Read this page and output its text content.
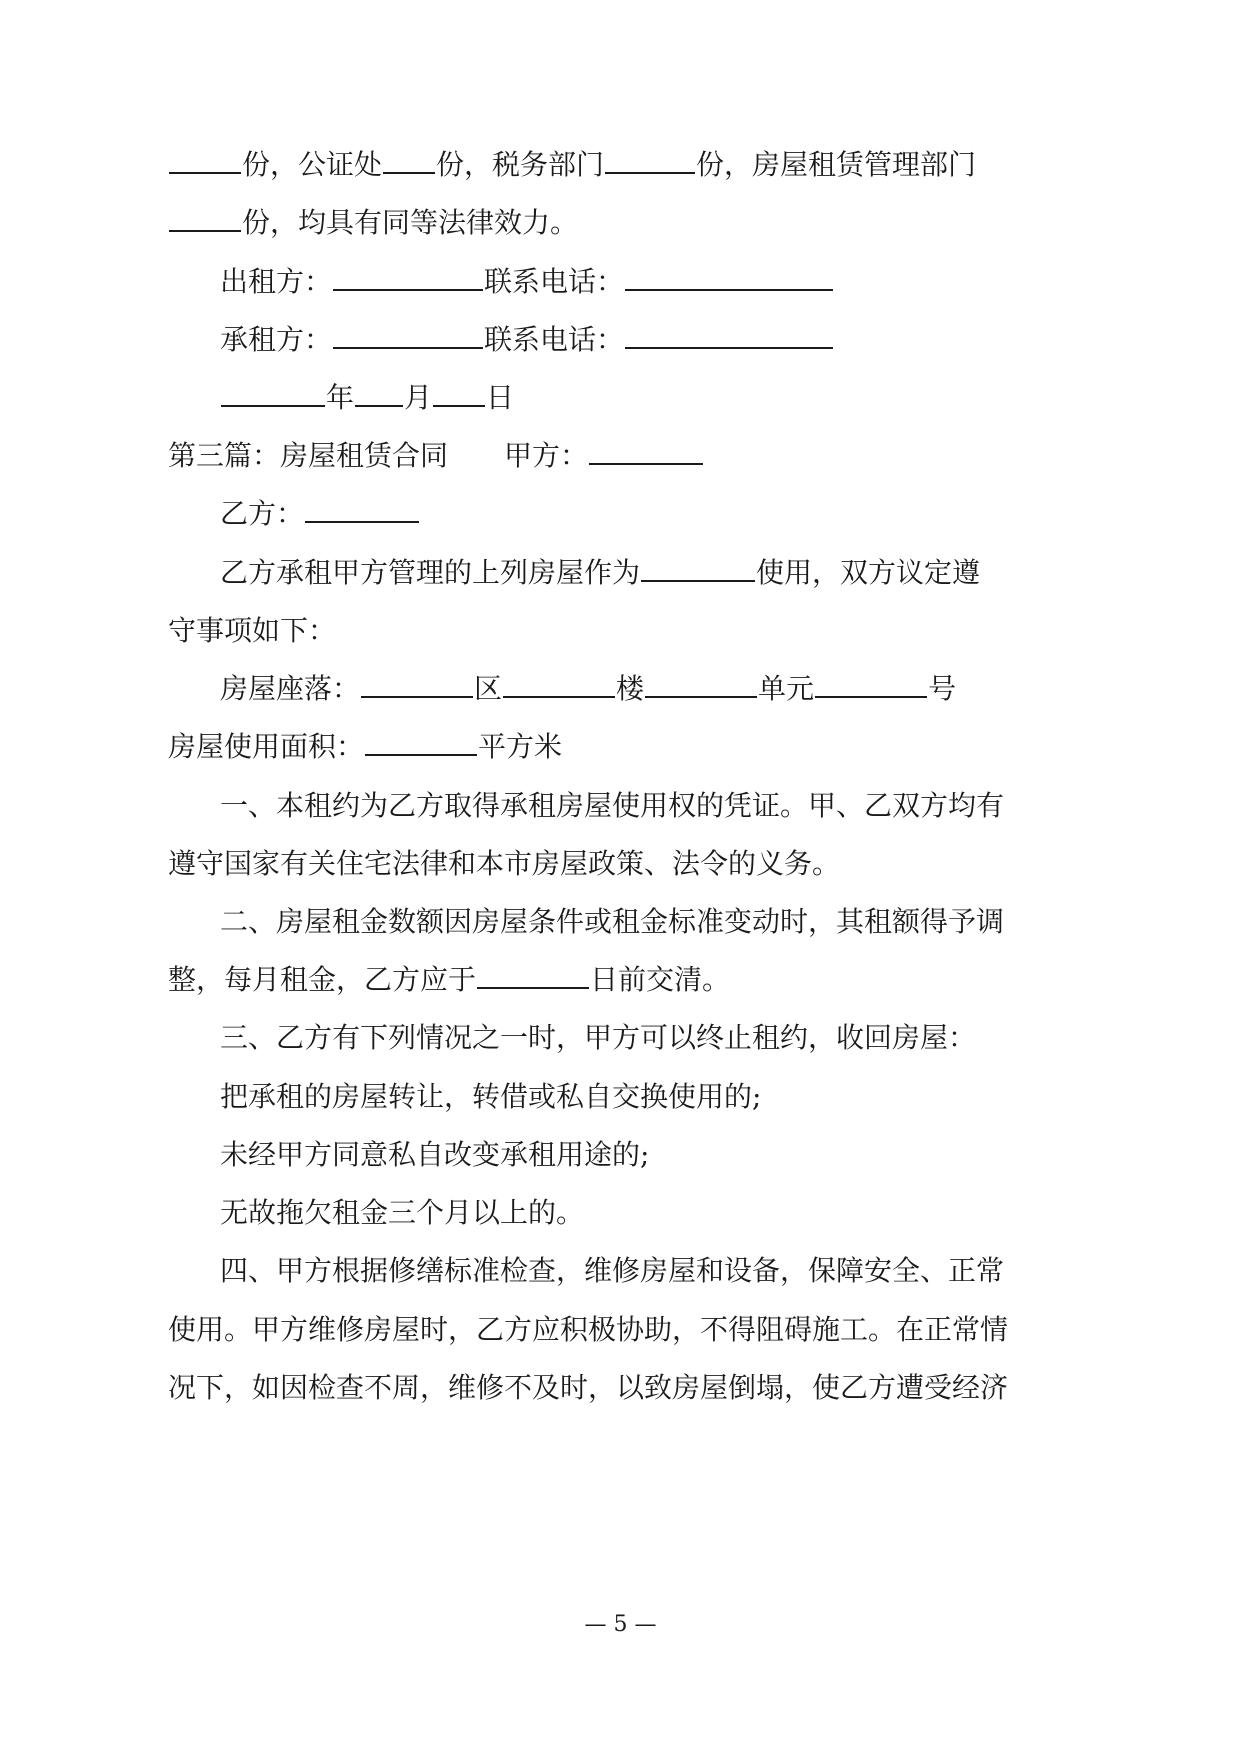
份，公证处 份，税务部门	份，房屋租赁管理部门
份，均具有同等法律效力。
出租方：	联系电话：
承租方：	联系电话：
年 月 日
第三篇：房屋租赁合同 甲方：
乙方：
乙方承租甲方管理的上列房屋作为	使用，双方议定遵
守事项如下：
房屋座落：	区	楼	单元	号
房屋使用面积：	平方米
一、本租约为乙方取得承租房屋使用权的凭证。甲、乙双方均有
遵守国家有关住宅法律和本市房屋政策、法令的义务。
二、房屋租金数额因房屋条件或租金标准变动时，其租额得予调
整，每月租金，乙方应于	日前交清。
三、乙方有下列情况之一时，甲方可以终止租约，收回房屋：
把承租的房屋转让，转借或私自交换使用的;
未经甲方同意私自改变承租用途的;
无故拖欠租金三个月以上的。
四、甲方根据修缮标准检查，维修房屋和设备，保障安全、正常
使用。甲方维修房屋时，乙方应积极协助，不得阻碍施工。在正常情
况下，如因检查不周，维修不及时，以致房屋倒塌，使乙方遭受经济
— 5 —
